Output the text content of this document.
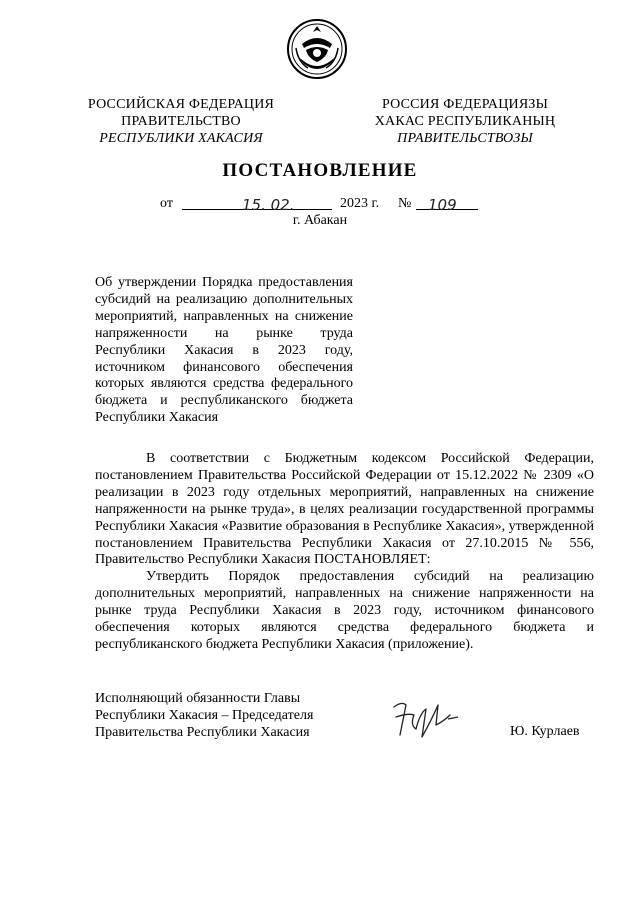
РОССИЙСКАЯ ФЕДЕРАЦИЯ
ПРАВИТЕЛЬСТВО
РЕСПУБЛИКИ ХАКАСИЯ
РОССИЯ ФЕДЕРАЦИЯЗЫ
ХАКАС РЕСПУБЛИКАНЫҢ
ПРАВИТЕЛЬСТВОЗЫ
ПОСТАНОВЛЕНИЕ
от	15. 02.	2023 г. № 109
г. Абакан
Об утверждении Порядка предоставления
субсидий на реализацию дополнительных
мероприятий, направленных на снижение
напряженности на рынке труда
Республики Хакасия в 2023 году,
источником финансового обеспечения
которых являются средства федерального
бюджета и республиканского бюджета
Республики Хакасия

В соответствии с Бюджетным кодексом Российской Федерации, постановлением Правительства Российской Федерации от 15.12.2022 № 2309 «О реализации в 2023 году отдельных мероприятий, направленных на снижение напряженности на рынке труда», в целях реализации государственной программы Республики Хакасия «Развитие образования в Республике Хакасия», утвержденной постановлением Правительства Республики Хакасия от 27.10.2015 № 556, Правительство Республики Хакасия ПОСТАНОВЛЯЕТ:

Утвердить Порядок предоставления субсидий на реализацию дополнительных мероприятий, направленных на снижение напряженности на рынке труда Республики Хакасия в 2023 году, источником финансового обеспечения которых являются средства федерального бюджета и республиканского бюджета Республики Хакасия (приложение).

Исполняющий обязанности Главы
Республики Хакасия – Председателя
Правительства Республики Хакасия	Ю. Курлаев
